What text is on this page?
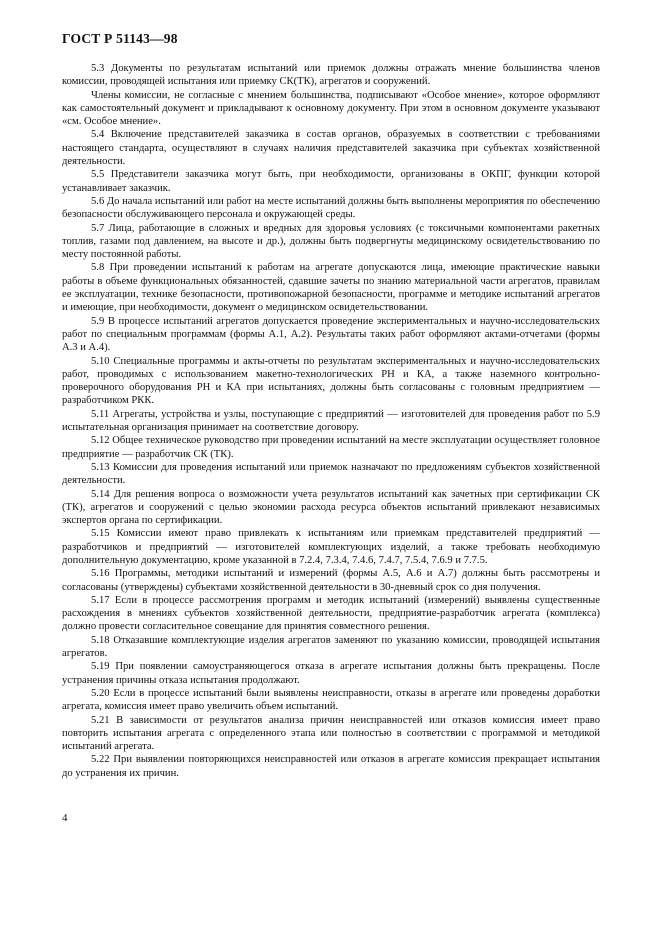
ГОСТ Р 51143—98

5.3 Документы по результатам испытаний или приемок должны отражать мнение большинства членов комиссии, проводящей испытания или приемку СК(ТК), агрегатов и сооружений.

Члены комиссии, не согласные с мнением большинства, подписывают «Особое мнение», которое оформляют как самостоятельный документ и прикладывают к основному документу. При этом в основном документе указывают «см. Особое мнение».

5.4 Включение представителей заказчика в состав органов, образуемых в соответствии с требованиями настоящего стандарта, осуществляют в случаях наличия представителей заказчика при субъектах хозяйственной деятельности.

5.5 Представители заказчика могут быть, при необходимости, организованы в ОКПГ, функции которой устанавливает заказчик.

5.6 До начала испытаний или работ на месте испытаний должны быть выполнены мероприятия по обеспечению безопасности обслуживающего персонала и окружающей среды.

5.7 Лица, работающие в сложных и вредных для здоровья условиях (с токсичными компонентами ракетных топлив, газами под давлением, на высоте и др.), должны быть подвергнуты медицинскому освидетельствованию по месту постоянной работы.

5.8 При проведении испытаний к работам на агрегате допускаются лица, имеющие практические навыки работы в объеме функциональных обязанностей, сдавшие зачеты по знанию материальной части агрегатов, правилам ее эксплуатации, технике безопасности, противопожарной безопасности, программе и методике испытаний агрегатов и имеющие, при необходимости, документ о медицинском освидетельствовании.

5.9 В процессе испытаний агрегатов допускается проведение экспериментальных и научно-исследовательских работ по специальным программам (формы А.1, А.2). Результаты таких работ оформляют актами-отчетами (формы А.3 и А.4).

5.10 Специальные программы и акты-отчеты по результатам экспериментальных и научно-исследовательских работ, проводимых с использованием макетно-технологических РН и КА, а также наземного контрольно-проверочного оборудования РН и КА при испытаниях, должны быть согласованы с головным предприятием — разработчиком РКК.

5.11 Агрегаты, устройства и узлы, поступающие с предприятий — изготовителей для проведения работ по 5.9 испытательная организация принимает на соответствие договору.

5.12 Общее техническое руководство при проведении испытаний на месте эксплуатации осуществляет головное предприятие — разработчик СК (ТК).

5.13 Комиссии для проведения испытаний или приемок назначают по предложениям субъектов хозяйственной деятельности.

5.14 Для решения вопроса о возможности учета результатов испытаний как зачетных при сертификации СК (ТК), агрегатов и сооружений с целью экономии расхода ресурса объектов испытаний привлекают независимых экспертов органа по сертификации.

5.15 Комиссии имеют право привлекать к испытаниям или приемкам представителей предприятий — разработчиков и предприятий — изготовителей комплектующих изделий, а также требовать необходимую дополнительную документацию, кроме указанной в 7.2.4, 7.3.4, 7.4.6, 7.4.7, 7.5.4, 7.6.9 и 7.7.5.

5.16 Программы, методики испытаний и измерений (формы А.5, А.6 и А.7) должны быть рассмотрены и согласованы (утверждены) субъектами хозяйственной деятельности в 30-дневный срок со дня получения.

5.17 Если в процессе рассмотрения программ и методик испытаний (измерений) выявлены существенные расхождения в мнениях субъектов хозяйственной деятельности, предприятие-разработчик агрегата (комплекса) должно провести согласительное совещание для принятия совместного решения.

5.18 Отказавшие комплектующие изделия агрегатов заменяют по указанию комиссии, проводящей испытания агрегатов.

5.19 При появлении самоустраняющегося отказа в агрегате испытания должны быть прекращены. После устранения причины отказа испытания продолжают.

5.20 Если в процессе испытаний были выявлены неисправности, отказы в агрегате или проведены доработки агрегата, комиссия имеет право увеличить объем испытаний.

5.21 В зависимости от результатов анализа причин неисправностей или отказов комиссия имеет право повторить испытания агрегата с определенного этапа или полностью в соответствии с программой и методикой испытаний агрегата.

5.22 При выявлении повторяющихся неисправностей или отказов в агрегате комиссия прекращает испытания до устранения их причин.

4
